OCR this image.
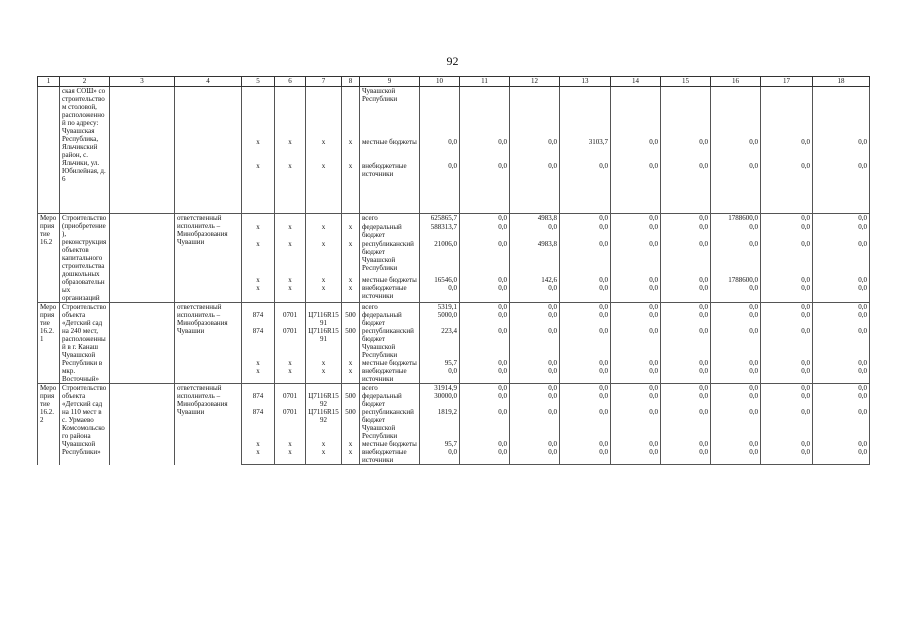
92
1	2	3	4	5	6	7	8	9	10	11	12	13	14	15	16	17	18
	ская СОШ» со строительством столовой, расположенной по адресу: Чувашская Республика, Яльчикский район, с. Яльчики, ул. Юбилейная, д. 6							Чувашской Республики									
				x	x	x	x	местные бюджеты	0,0	0,0	0,0	3103,7	0,0	0,0	0,0	0,0	0,0
				x	x	x	x	внебюджетные источники	0,0	0,0	0,0	0,0	0,0	0,0	0,0	0,0	0,0
Мероприятие 16.2	Строительство (приобретение), реконструкция объектов капитального строительства дошкольных образовательных организаций		ответственный исполнитель – Минобразования Чувашии					всего	625865,7	0,0	4983,8	0,0	0,0	0,0	1788600,0	0,0	0,0
				x	x	x	x	федеральный бюджет	588313,7	0,0	0,0	0,0	0,0	0,0	0,0	0,0	0,0
				x	x	x	x	республиканский бюджет Чувашской Республики	21006,0	0,0	4983,8	0,0	0,0	0,0	0,0	0,0	0,0
				x	x	x	x	местные бюджеты	16546,0	0,0	142,6	0,0	0,0	0,0	1788600,0	0,0	0,0
				x	x	x	x	внебюджетные источники	0,0	0,0	0,0	0,0	0,0	0,0	0,0	0,0	0,0
Мероприятие 16.2.1	Строительство объекта «Детский сад на 240 мест, расположенный в г. Канаш Чувашской Республики в мкр. Восточный»		ответственный исполнитель – Минобразования Чувашии					всего	5319,1	0,0	0,0	0,0	0,0	0,0	0,0	0,0	0,0
				874	0701	Ц7116R1591	500	федеральный бюджет	5000,0	0,0	0,0	0,0	0,0	0,0	0,0	0,0	0,0
				874	0701	Ц7116R1591	500	республиканский бюджет Чувашской Республики	223,4	0,0	0,0	0,0	0,0	0,0	0,0	0,0	0,0
				x	x	x	x	местные бюджеты	95,7	0,0	0,0	0,0	0,0	0,0	0,0	0,0	0,0
				x	x	x	x	внебюджетные источники	0,0	0,0	0,0	0,0	0,0	0,0	0,0	0,0	0,0
Мероприятие 16.2.2	Строительство объекта «Детский сад на 110 мест в с. Урмаево Комсомольского района Чувашской Республики»		ответственный исполнитель – Минобразования Чувашии					всего	31914,9	0,0	0,0	0,0	0,0	0,0	0,0	0,0	0,0
				874	0701	Ц7116R1592	500	федеральный бюджет	30000,0	0,0	0,0	0,0	0,0	0,0	0,0	0,0	0,0
				874	0701	Ц7116R1592	500	республиканский бюджет Чувашской Республики	1819,2	0,0	0,0	0,0	0,0	0,0	0,0	0,0	0,0
				x	x	x	x	местные бюджеты	95,7	0,0	0,0	0,0	0,0	0,0	0,0	0,0	0,0
				x	x	x	x	внебюджетные источники	0,0	0,0	0,0	0,0	0,0	0,0	0,0	0,0	0,0
